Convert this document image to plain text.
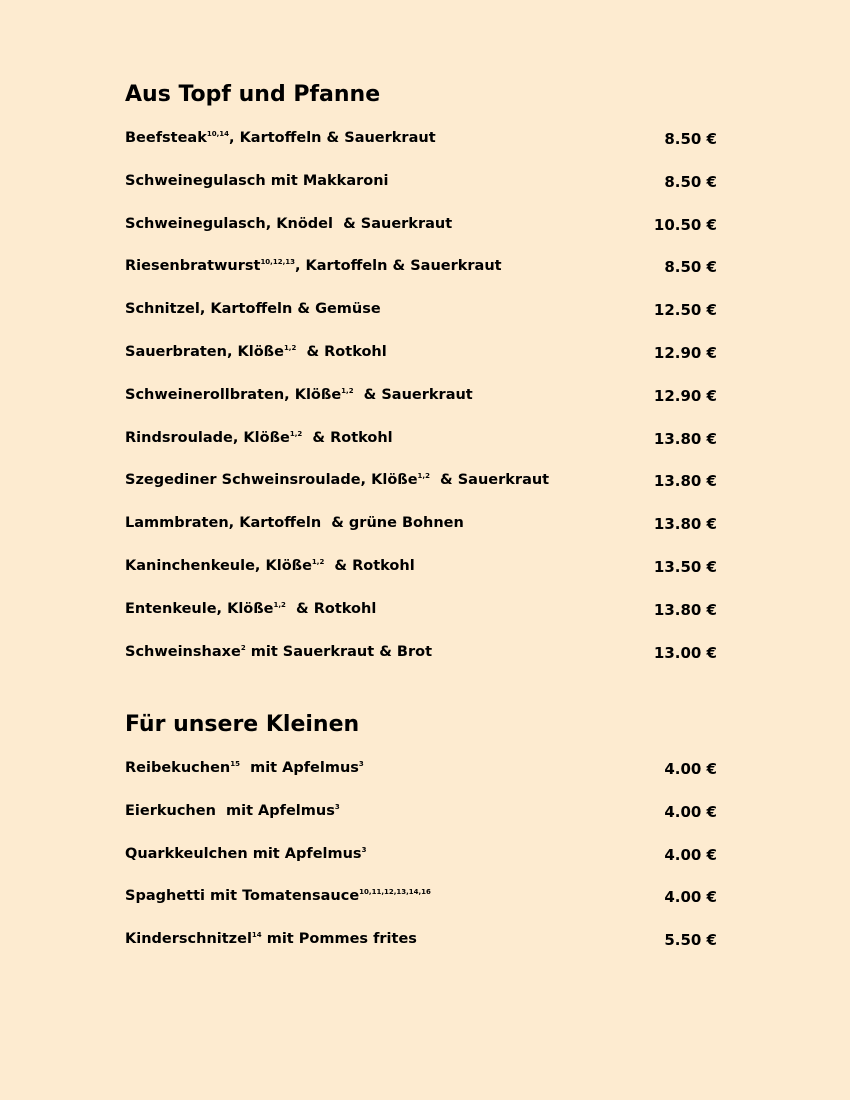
Aus Topf und Pfanne
Beefsteak$^{10,14}$, Kartoffeln & Sauerkraut	8.50 €
Schweinegulasch mit Makkaroni	8.50 €
Schweinegulasch, Knödel  & Sauerkraut	10.50 €
Riesenbratwurst$^{10,12,13}$, Kartoffeln & Sauerkraut	8.50 €
Schnitzel, Kartoffeln & Gemüse	12.50 €
Sauerbraten, Klöße$^{1,2}$  & Rotkohl	12.90 €
Schweinerollbraten, Klöße$^{1,2}$  & Sauerkraut	12.90 €
Rindsroulade, Klöße$^{1,2}$  & Rotkohl	13.80 €
Szegediner Schweinsroulade, Klöße$^{1,2}$  & Sauerkraut	13.80 €
Lammbraten, Kartoffeln  & grüne Bohnen	13.80 €
Kaninchenkeule, Klöße$^{1,2}$  & Rotkohl	13.50 €
Entenkeule, Klöße$^{1,2}$  & Rotkohl	13.80 €
Schweinshaxe$^2$ mit Sauerkraut & Brot	13.00 €
Für unsere Kleinen
Reibekuchen$^{15}$  mit Apfelmus$^3$	4.00 €
Eierkuchen  mit Apfelmus$^3$	4.00 €
Quarkkeulchen mit Apfelmus$^3$	4.00 €
Spaghetti mit Tomatensauce$^{10,11,12,13,14,16}$	4.00 €
Kinderschnitzel$^{14}$ mit Pommes frites	5.50 €
